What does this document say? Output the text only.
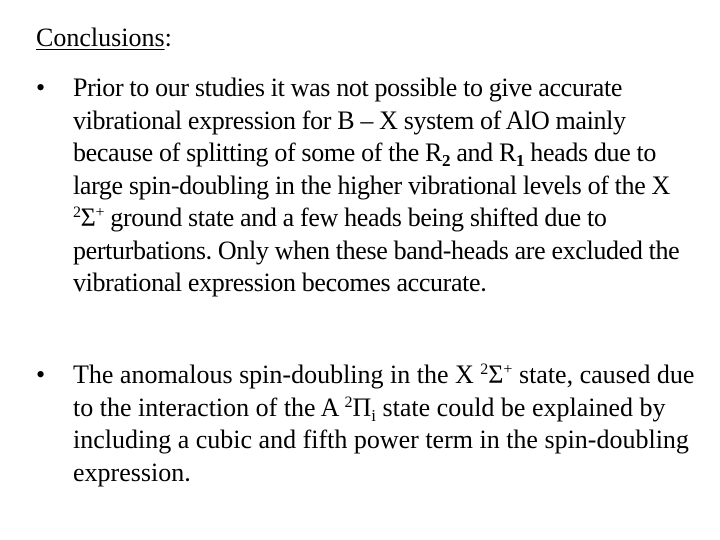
Conclusions:
•	Prior to our studies it was not possible to give accurate vibrational expression for B – X system of AlO mainly because of splitting of some of the $R_2$ and $R_1$ heads due to large spin-doubling in the higher vibrational levels of the X $^2$Σ+ ground state and a few heads being shifted due to perturbations. Only when these band-heads are excluded the vibrational expression becomes accurate.
•	The anomalous spin-doubling in the X $^2$Σ+ state, caused due to the interaction of the A $^2\Pi_i$ state could be explained by including a cubic and fifth power term in the spin-doubling expression.
